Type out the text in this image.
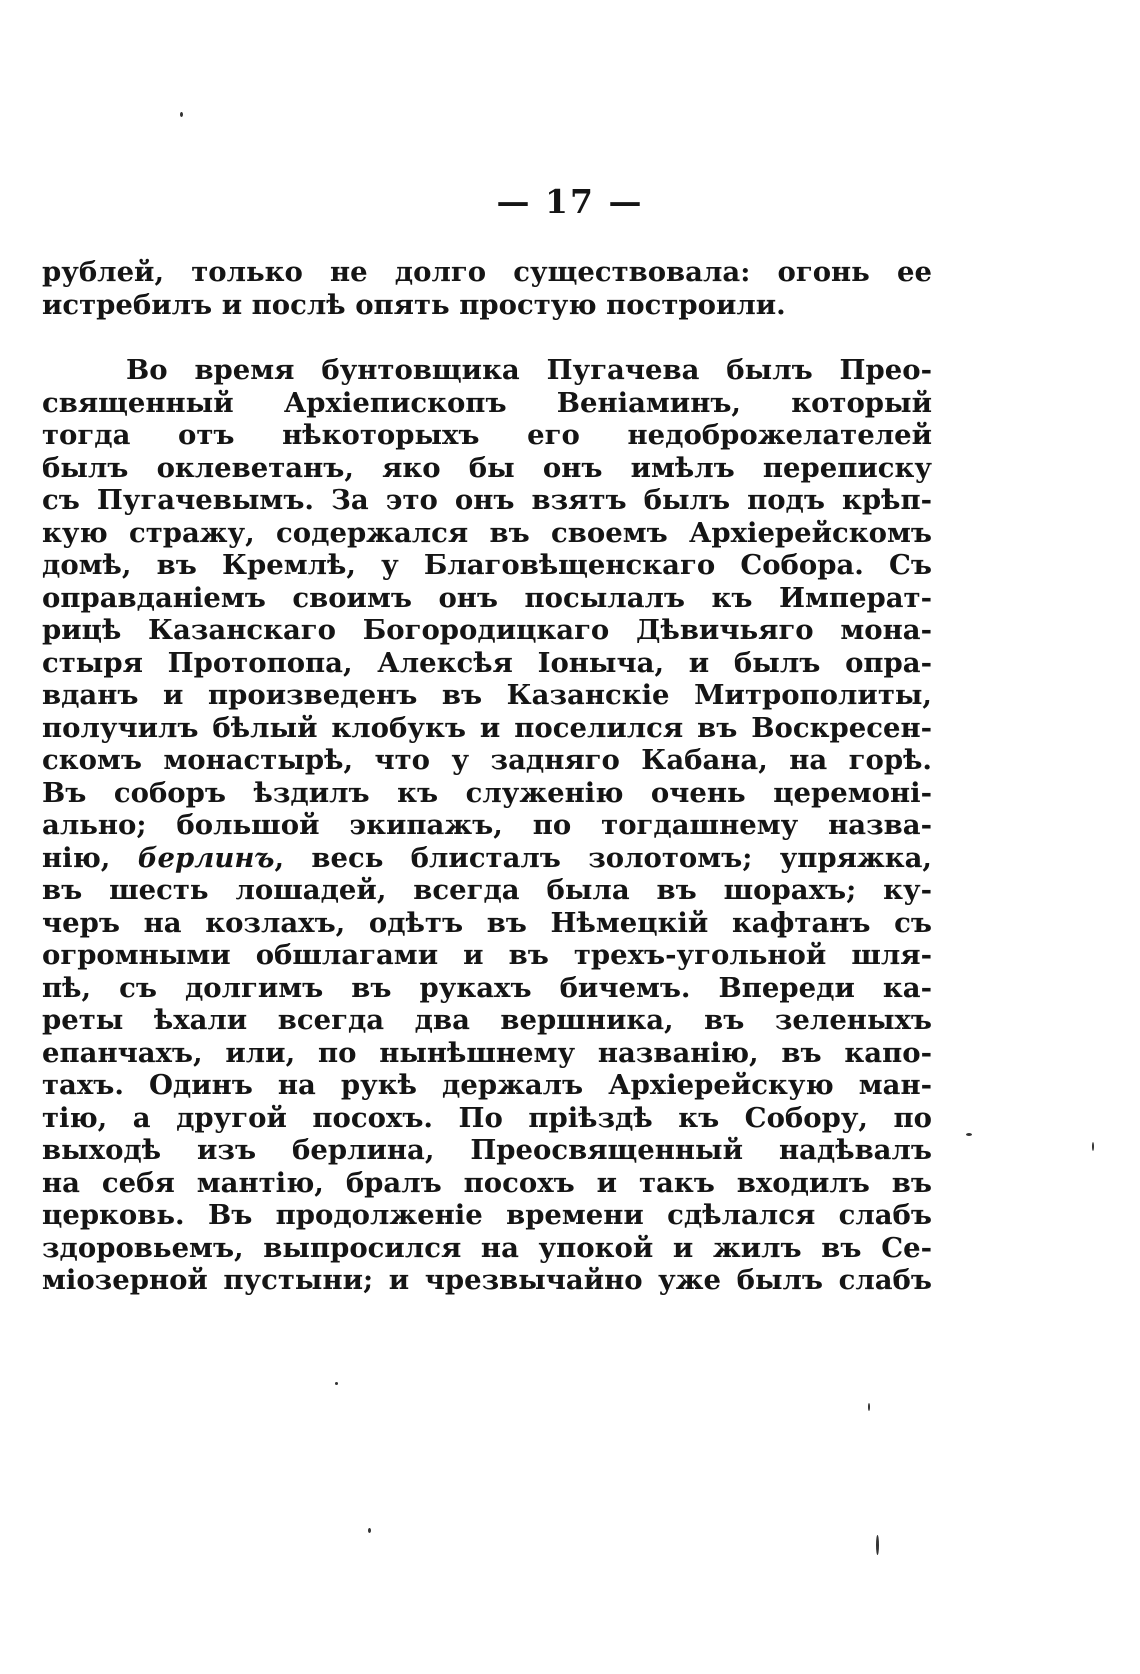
— 17 —
рублей, только не долго существовала: огонь ее
истребилъ и послѣ опять простую построили.
Во время бунтовщика Пугачева былъ Прео-
священный Архіепископъ Веніаминъ, который
тогда отъ нѣкоторыхъ его недоброжелателей
былъ оклеветанъ, яко бы онъ имѣлъ переписку
съ Пугачевымъ. За это онъ взятъ былъ подъ крѣп-
кую стражу, содержался въ своемъ Архіерейскомъ
домѣ, въ Кремлѣ, у Благовѣщенскаго Собора. Съ
оправданіемъ своимъ онъ посылалъ къ Императ-
рицѣ Казанскаго Богородицкаго Дѣвичьяго мона-
стыря Протопопа, Алексѣя Іоныча, и былъ опра-
вданъ и произведенъ въ Казанскіе Митрополиты,
получилъ бѣлый клобукъ и поселился въ Воскресен-
скомъ монастырѣ, что у задняго Кабана, на горѣ.
Въ соборъ ѣздилъ къ служенію очень церемоні-
ально; большой экипажъ, по тогдашнему назва-
нію, берлинъ, весь блисталъ золотомъ; упряжка,
въ шесть лошадей, всегда была въ шорахъ; ку-
черъ на козлахъ, одѣтъ въ Нѣмецкій кафтанъ съ
огромными обшлагами и въ трехъ-угольной шля-
пѣ, съ долгимъ въ рукахъ бичемъ. Впереди ка-
реты ѣхали всегда два вершника, въ зеленыхъ
епанчахъ, или, по нынѣшнему названію, въ капо-
тахъ. Одинъ на рукѣ держалъ Архіерейскую ман-
тію, а другой посохъ. По пріѣздѣ къ Собору, по
выходѣ изъ берлина, Преосвященный надѣвалъ
на себя мантію, бралъ посохъ и такъ входилъ въ
церковь. Въ продолженіе времени сдѣлался слабъ
здоровьемъ, выпросился на упокой и жилъ въ Се-
міозерной пустыни; и чрезвычайно уже былъ слабъ
